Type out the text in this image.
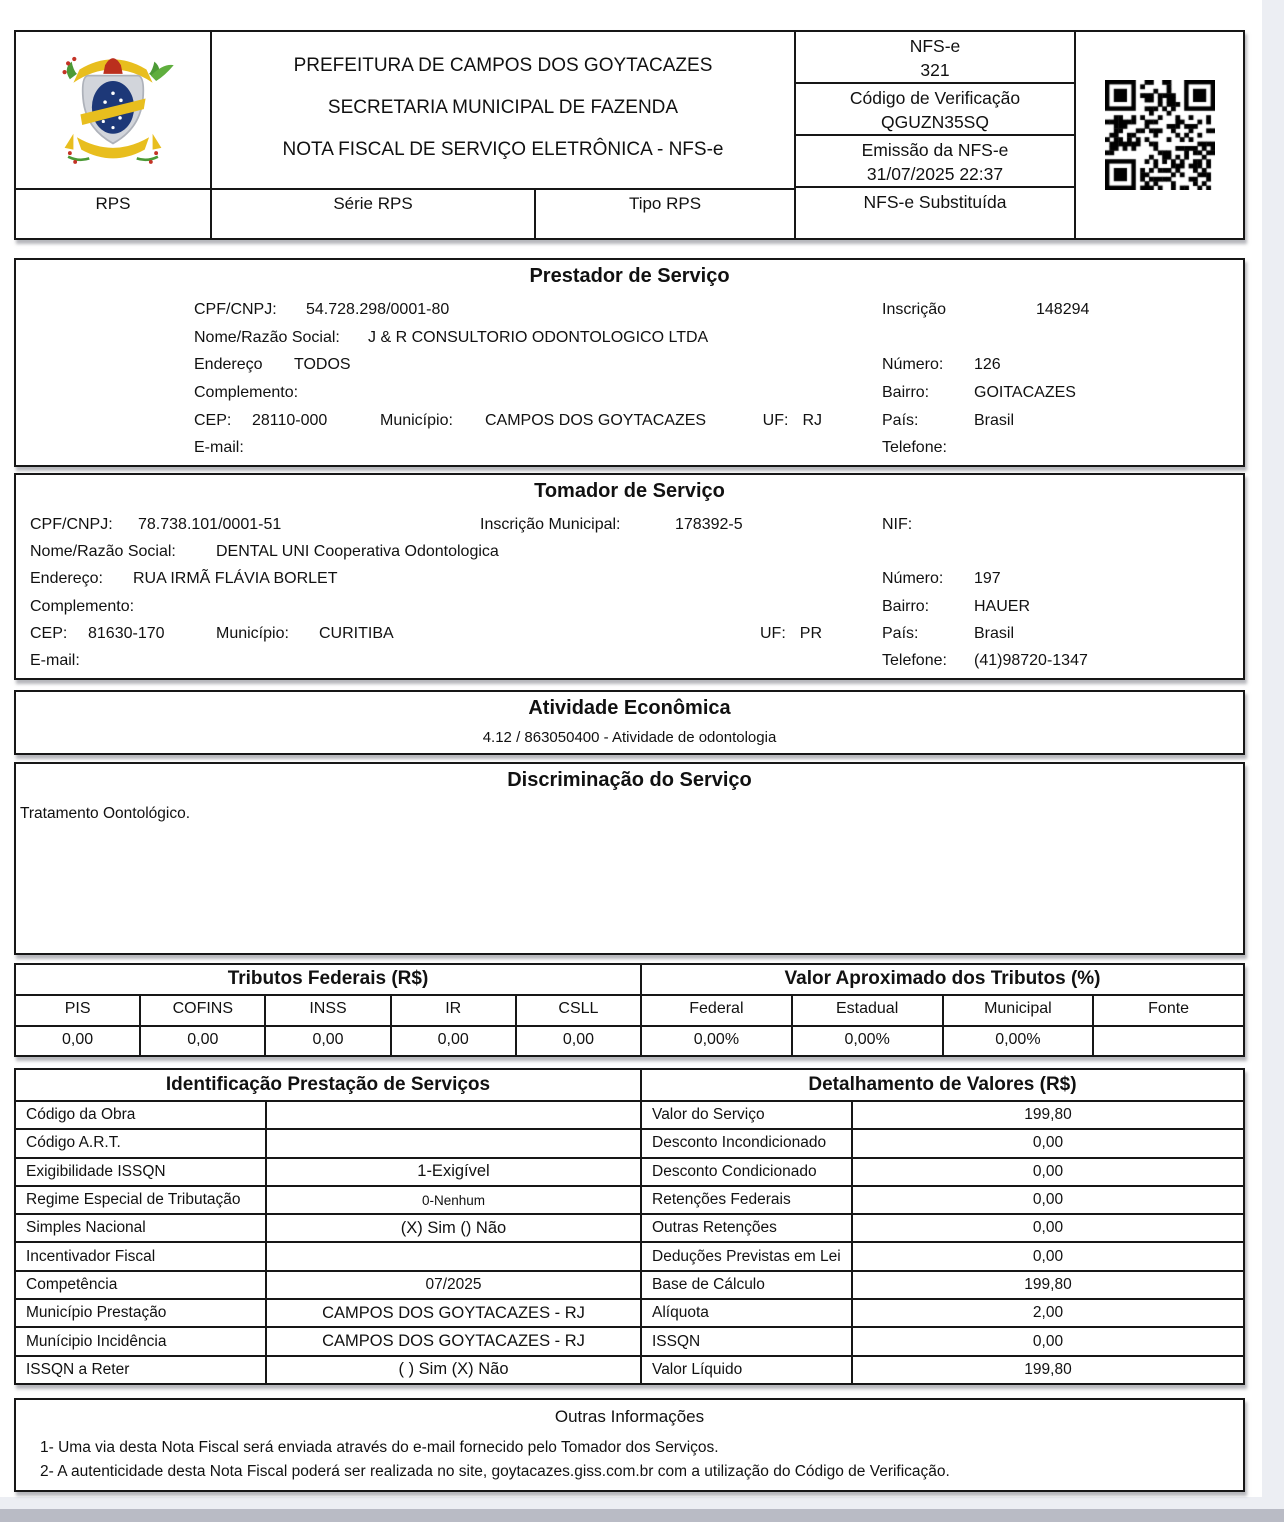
RPS
PREFEITURA DE CAMPOS DOS GOYTACAZES
SECRETARIA MUNICIPAL DE FAZENDA
NOTA FISCAL DE SERVIÇO ELETRÔNICA - NFS-e
Série RPS	Tipo RPS
NFS-e
321
Código de Verificação
QGUZN35SQ
Emissão da NFS-e
31/07/2025 22:37
NFS-e Substituída
Prestador de Serviço
CPF/CNPJ:	54.728.298/0001-80	Inscrição	148294
Nome/Razão Social:	J & R CONSULTORIO ODONTOLOGICO LTDA
Endereço	TODOS	Número:	126
Complemento:	Bairro:	GOITACAZES
CEP:	28110-000	Município:	CAMPOS DOS GOYTACAZES	UF: RJ	País:	Brasil
E-mail:	Telefone:
Tomador de Serviço
CPF/CNPJ:	78.738.101/0001-51	Inscrição Municipal:	178392-5	NIF:
Nome/Razão Social:	DENTAL UNI Cooperativa Odontologica
Endereço:	RUA IRMÃ FLÁVIA BORLET	Número:	197
Complemento:	Bairro:	HAUER
CEP:	81630-170	Município:	CURITIBA	UF: PR	País:	Brasil
E-mail:	Telefone:	(41)98720-1347
Atividade Econômica
4.12 / 863050400 - Atividade de odontologia
Discriminação do Serviço
Tratamento Oontológico.
Tributos Federais (R$)
PIS	COFINS	INSS	IR	CSLL
0,00	0,00	0,00	0,00	0,00
Valor Aproximado dos Tributos (%)
Federal	Estadual	Municipal	Fonte
0,00%	0,00%	0,00%
Identificação Prestação de Serviços
Código da Obra
Código A.R.T.
Exigibilidade ISSQN	1-Exigível
Regime Especial de Tributação	0-Nenhum
Simples Nacional	(X) Sim () Não
Incentivador Fiscal
Competência	07/2025
Município Prestação	CAMPOS DOS GOYTACAZES - RJ
Munícipio Incidência	CAMPOS DOS GOYTACAZES - RJ
ISSQN a Reter	( ) Sim (X) Não
Detalhamento de Valores (R$)
Valor do Serviço	199,80
Desconto Incondicionado	0,00
Desconto Condicionado	0,00
Retenções Federais	0,00
Outras Retenções	0,00
Deduções Previstas em Lei	0,00
Base de Cálculo	199,80
Alíquota	2,00
ISSQN	0,00
Valor Líquido	199,80
Outras Informações
1- Uma via desta Nota Fiscal será enviada através do e-mail fornecido pelo Tomador dos Serviços.
2- A autenticidade desta Nota Fiscal poderá ser realizada no site, goytacazes.giss.com.br com a utilização do Código de Verificação.
